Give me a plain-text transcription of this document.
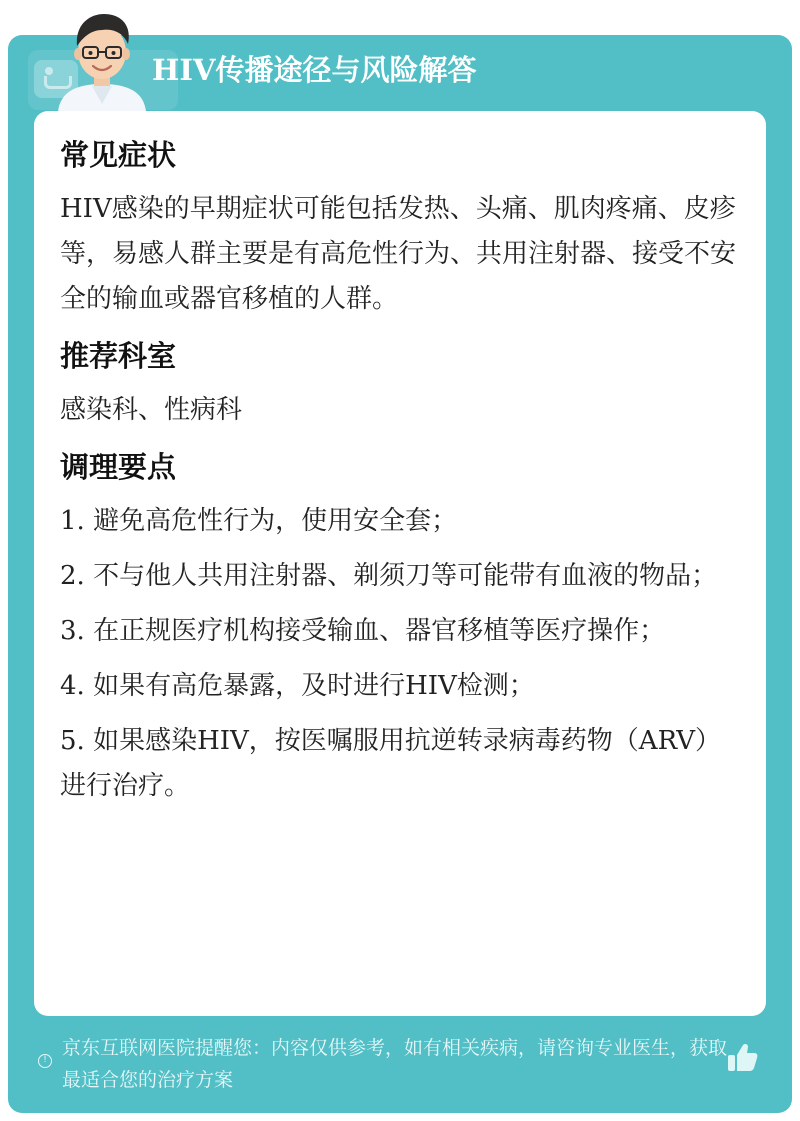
HIV传播途径与风险解答
常见症状
HIV感染的早期症状可能包括发热、头痛、肌肉疼痛、皮疹等，易感人群主要是有高危性行为、共用注射器、接受不安全的输血或器官移植的人群。
推荐科室
感染科、性病科
调理要点
1. 避免高危性行为，使用安全套；
2. 不与他人共用注射器、剃须刀等可能带有血液的物品；
3. 在正规医疗机构接受输血、器官移植等医疗操作；
4. 如果有高危暴露，及时进行HIV检测；
5. 如果感染HIV，按医嘱服用抗逆转录病毒药物（ARV）进行治疗。
!
京东互联网医院提醒您：内容仅供参考，如有相关疾病，请咨询专业医生，获取最适合您的治疗方案
